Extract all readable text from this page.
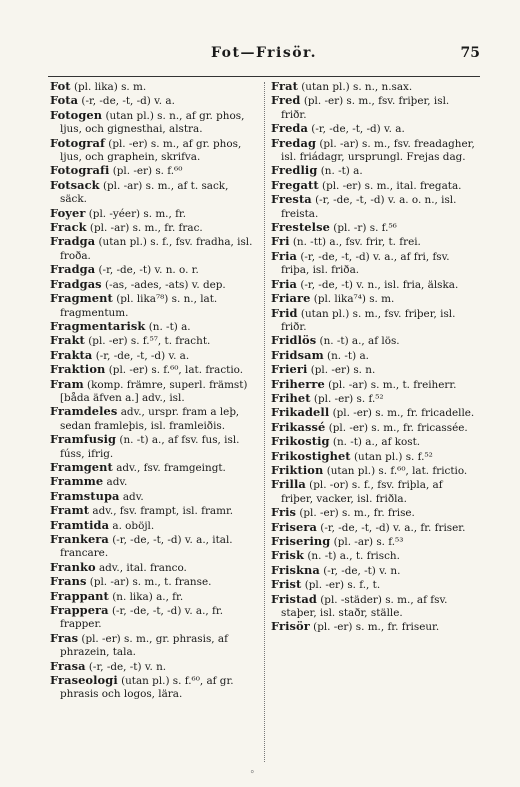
Fot—Frisör.	75

Fot (pl. lika) s. m.

Fota (-r, -de, -t, -d) v. a.

Fotogen (utan pl.) s. n., af gr. phos, ljus, och gignesthai, alstra.

Fotograf (pl. -er) s. m., af gr. phos, ljus, och graphein, skrifva.

Fotografi (pl. -er) s. f.⁶⁰

Fotsack (pl. -ar) s. m., af t. sack, säck.

Foyer (pl. -yéer) s. m., fr.

Frack (pl. -ar) s. m., fr. frac.

Fradga (utan pl.) s. f., fsv. fradha, isl. froða.

Fradga (-r, -de, -t) v. n. o. r.

Fradgas (-as, -ades, -ats) v. dep.

Fragment (pl. lika⁷⁸) s. n., lat. fragmentum.

Fragmentarisk (n. -t) a.

Frakt (pl. -er) s. f.⁵⁷, t. fracht.

Frakta (-r, -de, -t, -d) v. a.

Fraktion (pl. -er) s. f.⁶⁰, lat. fractio.

Fram (komp. främre, superl. främst) [båda äfven a.] adv., isl.

Framdeles adv., urspr. fram a leþ, sedan framleþis, isl. framleiðis.

Framfusig (n. -t) a., af fsv. fus, isl. fúss, ifrig.

Framgent adv., fsv. framgeingt.

Framme adv.

Framstupa adv.

Framt adv., fsv. frampt, isl. framr.

Framtida a. oböjl.

Frankera (-r, -de, -t, -d) v. a., ital. francare.

Franko adv., ital. franco.

Frans (pl. -ar) s. m., t. franse.

Frappant (n. lika) a., fr.

Frappera (-r, -de, -t, -d) v. a., fr. frapper.

Fras (pl. -er) s. m., gr. phrasis, af phrazein, tala.

Frasa (-r, -de, -t) v. n.

Fraseologi (utan pl.) s. f.⁶⁰, af gr. phrasis och logos, lära.

Frat (utan pl.) s. n., n.sax.

Fred (pl. -er) s. m., fsv. friþer, isl. friðr.

Freda (-r, -de, -t, -d) v. a.

Fredag (pl. -ar) s. m., fsv. freadagher, isl. friádagr, ursprungl. Frejas dag.

Fredlig (n. -t) a.

Fregatt (pl. -er) s. m., ital. fregata.

Fresta (-r, -de, -t, -d) v. a. o. n., isl. freista.

Frestelse (pl. -r) s. f.⁵⁶

Fri (n. -tt) a., fsv. frir, t. frei.

Fria (-r, -de, -t, -d) v. a., af fri, fsv. friþa, isl. friða.

Fria (-r, -de, -t) v. n., isl. fria, älska.

Friare (pl. lika⁷⁴) s. m.

Frid (utan pl.) s. m., fsv. friþer, isl. friðr.

Fridlös (n. -t) a., af lös.

Fridsam (n. -t) a.

Frieri (pl. -er) s. n.

Friherre (pl. -ar) s. m., t. freiherr.

Frihet (pl. -er) s. f.⁵²

Frikadell (pl. -er) s. m., fr. fricadelle.

Frikassé (pl. -er) s. m., fr. fricassée.

Frikostig (n. -t) a., af kost.

Frikostighet (utan pl.) s. f.⁵²

Friktion (utan pl.) s. f.⁶⁰, lat. frictio.

Frilla (pl. -or) s. f., fsv. friþla, af friþer, vacker, isl. friðla.

Fris (pl. -er) s. m., fr. frise.

Frisera (-r, -de, -t, -d) v. a., fr. friser.

Frisering (pl. -ar) s. f.⁵³

Frisk (n. -t) a., t. frisch.

Friskna (-r, -de, -t) v. n.

Frist (pl. -er) s. f., t.

Fristad (pl. -städer) s. m., af fsv. staþer, isl. staðr, ställe.

Frisör (pl. -er) s. m., fr. friseur.

°
